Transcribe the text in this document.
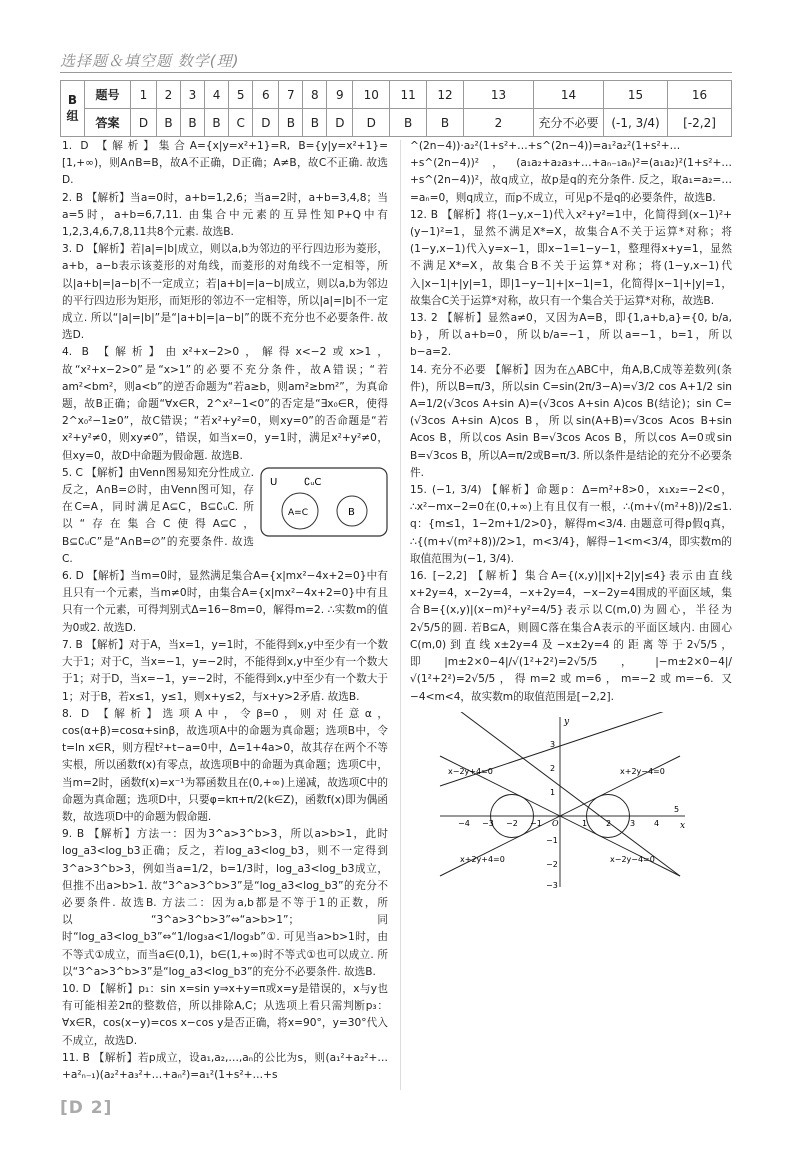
选择题＆填空题 数学(理)
B组	题号	1	2	3	4	5	6	7	8	9	10	11	12	13	14	15	16
	答案	D	B	B	B	C	D	B	B	D	D	B	B	2	充分不必要	(-1, 3/4)	[-2,2]

1. D 【解析】集合A={x|y=x²+1}=R, B={y|y=x²+1}=[1,+∞)，则A∩B=B，故A不正确，D正确；A≠B，故C不正确. 故选D.

2. B 【解析】当a=0时，a+b=1,2,6；当a=2时，a+b=3,4,8；当a=5时，a+b=6,7,11. 由集合中元素的互异性知P+Q中有1,2,3,4,6,7,8,11共8个元素. 故选B.

3. D 【解析】若|a|=|b|成立，则以a,b为邻边的平行四边形为菱形，a+b，a−b表示该菱形的对角线，而菱形的对角线不一定相等，所以|a+b|=|a−b|不一定成立；若|a+b|=|a−b|成立，则以a,b为邻边的平行四边形为矩形，而矩形的邻边不一定相等，所以|a|=|b|不一定成立. 所以“|a|=|b|”是“|a+b|=|a−b|”的既不充分也不必要条件. 故选D.

4. B 【解析】由x²+x−2>0，解得x<−2或x>1，故“x²+x−2>0”是“x>1”的必要不充分条件，故A错误；“若am²<bm²，则a<b”的逆否命题为“若a≥b，则am²≥bm²”，为真命题，故B正确；命题“∀x∈R，2^x²−1<0”的否定是“∃x₀∈R，使得2^x₀²−1≥0”，故C错误；“若x²+y²=0，则xy=0”的否命题是“若x²+y²≠0，则xy≠0”，错误，如当x=0，y=1时，满足x²+y²≠0，但xy=0，故D中命题为假命题. 故选B.

U	∁ᵤC
A=C	B

5. C 【解析】由Venn图易知充分性成立. 反之，A∩B=∅时，由Venn图可知，存在C=A，同时满足A⊆C，B⊆∁ᵤC. 所以“存在集合C使得A⊆C，B⊆∁ᵤC”是“A∩B=∅”的充要条件. 故选C.

6. D 【解析】当m=0时，显然满足集合A={x|mx²−4x+2=0}中有且只有一个元素，当m≠0时，由集合A={x|mx²−4x+2=0}中有且只有一个元素，可得判别式Δ=16−8m=0，解得m=2. ∴实数m的值为0或2. 故选D.

7. B 【解析】对于A，当x=1，y=1时，不能得到x,y中至少有一个数大于1；对于C，当x=−1，y=−2时，不能得到x,y中至少有一个数大于1；对于D，当x=−1，y=−2时，不能得到x,y中至少有一个数大于1；对于B，若x≤1，y≤1，则x+y≤2，与x+y>2矛盾. 故选B.

8. D 【解析】选项A中，令β=0，则对任意α，cos(α+β)=cosα+sinβ，故选项A中的命题为真命题；选项B中，令t=ln x∈R，则方程t²+t−a=0中，Δ=1+4a>0，故其存在两个不等实根，所以函数f(x)有零点，故选项B中的命题为真命题；选项C中，当m=2时，函数f(x)=x⁻¹为幂函数且在(0,+∞)上递减，故选项C中的命题为真命题；选项D中，只要φ=kπ+π/2(k∈Z)，函数f(x)即为偶函数，故选项D中的命题为假命题.

9. B 【解析】方法一：因为3^a>3^b>3，所以a>b>1，此时log_a3<log_b3正确；反之，若log_a3<log_b3，则不一定得到3^a>3^b>3，例如当a=1/2，b=1/3时，log_a3<log_b3成立，但推不出a>b>1. 故“3^a>3^b>3”是“log_a3<log_b3”的充分不必要条件. 故选B. 方法二：因为a,b都是不等于1的正数，所以“3^a>3^b>3”⇔“a>b>1”；同时“log_a3<log_b3”⇔“1/log₃a<1/log₃b”①. 可见当a>b>1时，由不等式①成立，而当a∈(0,1)，b∈(1,+∞)时不等式①也可以成立. 所以“3^a>3^b>3”是“log_a3<log_b3”的充分不必要条件. 故选B.

10. D 【解析】p₁：sin x=sin y⇒x+y=π或x=y是错误的，x与y也有可能相差2π的整数倍，所以排除A,C；从选项上看只需判断p₃：∀x∈R，cos(x−y)=cos x−cos y是否正确，将x=90°，y=30°代入不成立，故选D.

11. B 【解析】若p成立，设a₁,a₂,…,aₙ的公比为s，则(a₁²+a₂²+…+a²ₙ₋₁)(a₂²+a₃²+…+aₙ²)=a₁²(1+s²+…+s

^(2n−4))·a₂²(1+s²+…+s^(2n−4))=a₁²a₂²(1+s²+…+s^(2n−4))²，(a₁a₂+a₂a₃+…+aₙ₋₁aₙ)²=(a₁a₂)²(1+s²+…+s^(2n−4))²，故q成立，故p是q的充分条件. 反之，取a₁=a₂=…=aₙ=0，则q成立，而p不成立，可见p不是q的必要条件，故选B.

12. B 【解析】将(1−y,x−1)代入x²+y²=1中，化简得到(x−1)²+(y−1)²=1，显然不满足X*=X，故集合A不关于运算*对称；将(1−y,x−1)代入y=x−1，即x−1=1−y−1，整理得x+y=1，显然不满足X*=X，故集合B不关于运算*对称；将(1−y,x−1)代入|x−1|+|y|=1，即|1−y−1|+|x−1|=1，化简得|x−1|+|y|=1，故集合C关于运算*对称，故只有一个集合关于运算*对称，故选B.

13. 2 【解析】显然a≠0，又因为A=B，即{1,a+b,a}={0, b/a, b}，所以a+b=0，所以b/a=−1，所以a=−1，b=1，所以b−a=2.

14. 充分不必要 【解析】因为在△ABC中，角A,B,C成等差数列(条件)，所以B=π/3，所以sin C=sin(2π/3−A)=√3/2 cos A+1/2 sin A=1/2(√3cos A+sin A)=(√3cos A+sin A)cos B(结论)；sin C=(√3cos A+sin A)cos B，所以sin(A+B)=√3cos Acos B+sin Acos B，所以cos Asin B=√3cos Acos B，所以cos A=0或sin B=√3cos B，所以A=π/2或B=π/3. 所以条件是结论的充分不必要条件.

15. (−1, 3/4) 【解析】命题p：Δ=m²+8>0，x₁x₂=−2<0，∴x²−mx−2=0在(0,+∞)上有且仅有一根，∴(m+√(m²+8))/2≤1. q：{m≤1，1−2m+1/2>0}，解得m<3/4. 由题意可得p假q真，∴{(m+√(m²+8))/2>1，m<3/4}，解得−1<m<3/4，即实数m的取值范围为(−1, 3/4).

16. [−2,2] 【解析】集合A={(x,y)||x|+2|y|≤4}表示由直线x+2y=4，x−2y=4，−x+2y=4，−x−2y=4围成的平面区域，集合B={(x,y)|(x−m)²+y²=4/5}表示以C(m,0)为圆心，半径为2√5/5的圆. 若B⊆A，则圆C落在集合A表示的平面区域内. 由圆心C(m,0)到直线x±2y=4及−x±2y=4的距离等于2√5/5，即|m±2×0−4|/√(1²+2²)=2√5/5，|−m±2×0−4|/√(1²+2²)=2√5/5，得m=2或m=6，m=−2或m=−6. 又−4<m<4，故实数m的取值范围是[−2,2].

x
y
x−2y+4=0	x+2y−4=0
x+2y+4=0	x−2y−4=0
−4 −3 −2 −1 O	1 2 3 4
5
3
2
1
−1
−2
−3
[D 2]
